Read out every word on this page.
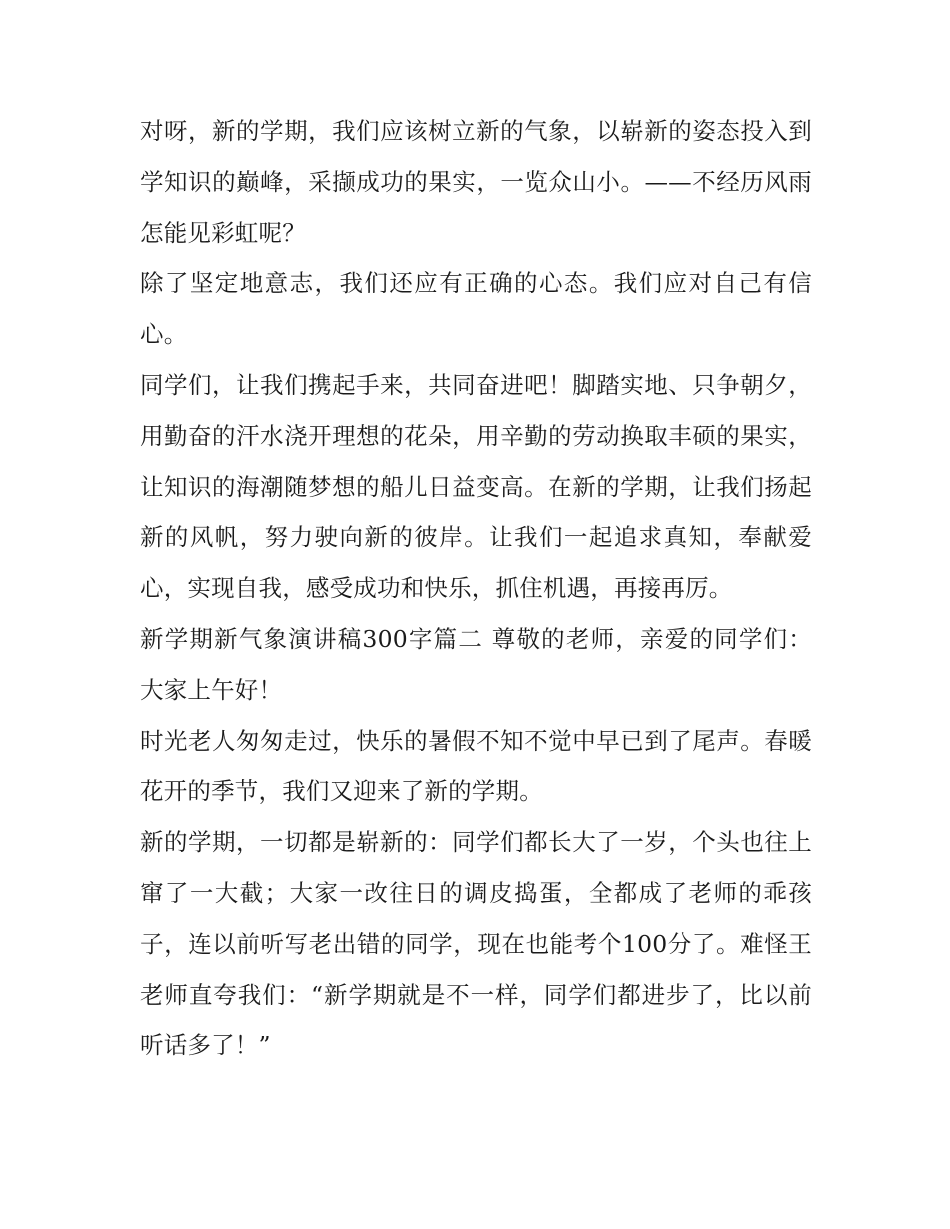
对呀，新的学期，我们应该树立新的气象，以崭新的姿态投入到学知识的巅峰，采撷成功的果实，一览众山小。——不经历风雨怎能见彩虹呢？

除了坚定地意志，我们还应有正确的心态。我们应对自己有信心。

同学们，让我们携起手来，共同奋进吧！脚踏实地、只争朝夕，用勤奋的汗水浇开理想的花朵，用辛勤的劳动换取丰硕的果实，让知识的海潮随梦想的船儿日益变高。在新的学期，让我们扬起新的风帆，努力驶向新的彼岸。让我们一起追求真知，奉献爱心，实现自我，感受成功和快乐，抓住机遇，再接再厉。

新学期新气象演讲稿300字篇二 尊敬的老师，亲爱的同学们： 大家上午好！

时光老人匆匆走过，快乐的暑假不知不觉中早已到了尾声。春暖花开的季节，我们又迎来了新的学期。

新的学期，一切都是崭新的：同学们都长大了一岁，个头也往上窜了一大截；大家一改往日的调皮捣蛋，全都成了老师的乖孩子，连以前听写老出错的同学，现在也能考个100分了。难怪王老师直夸我们：“新学期就是不一样，同学们都进步了，比以前听话多了！”
